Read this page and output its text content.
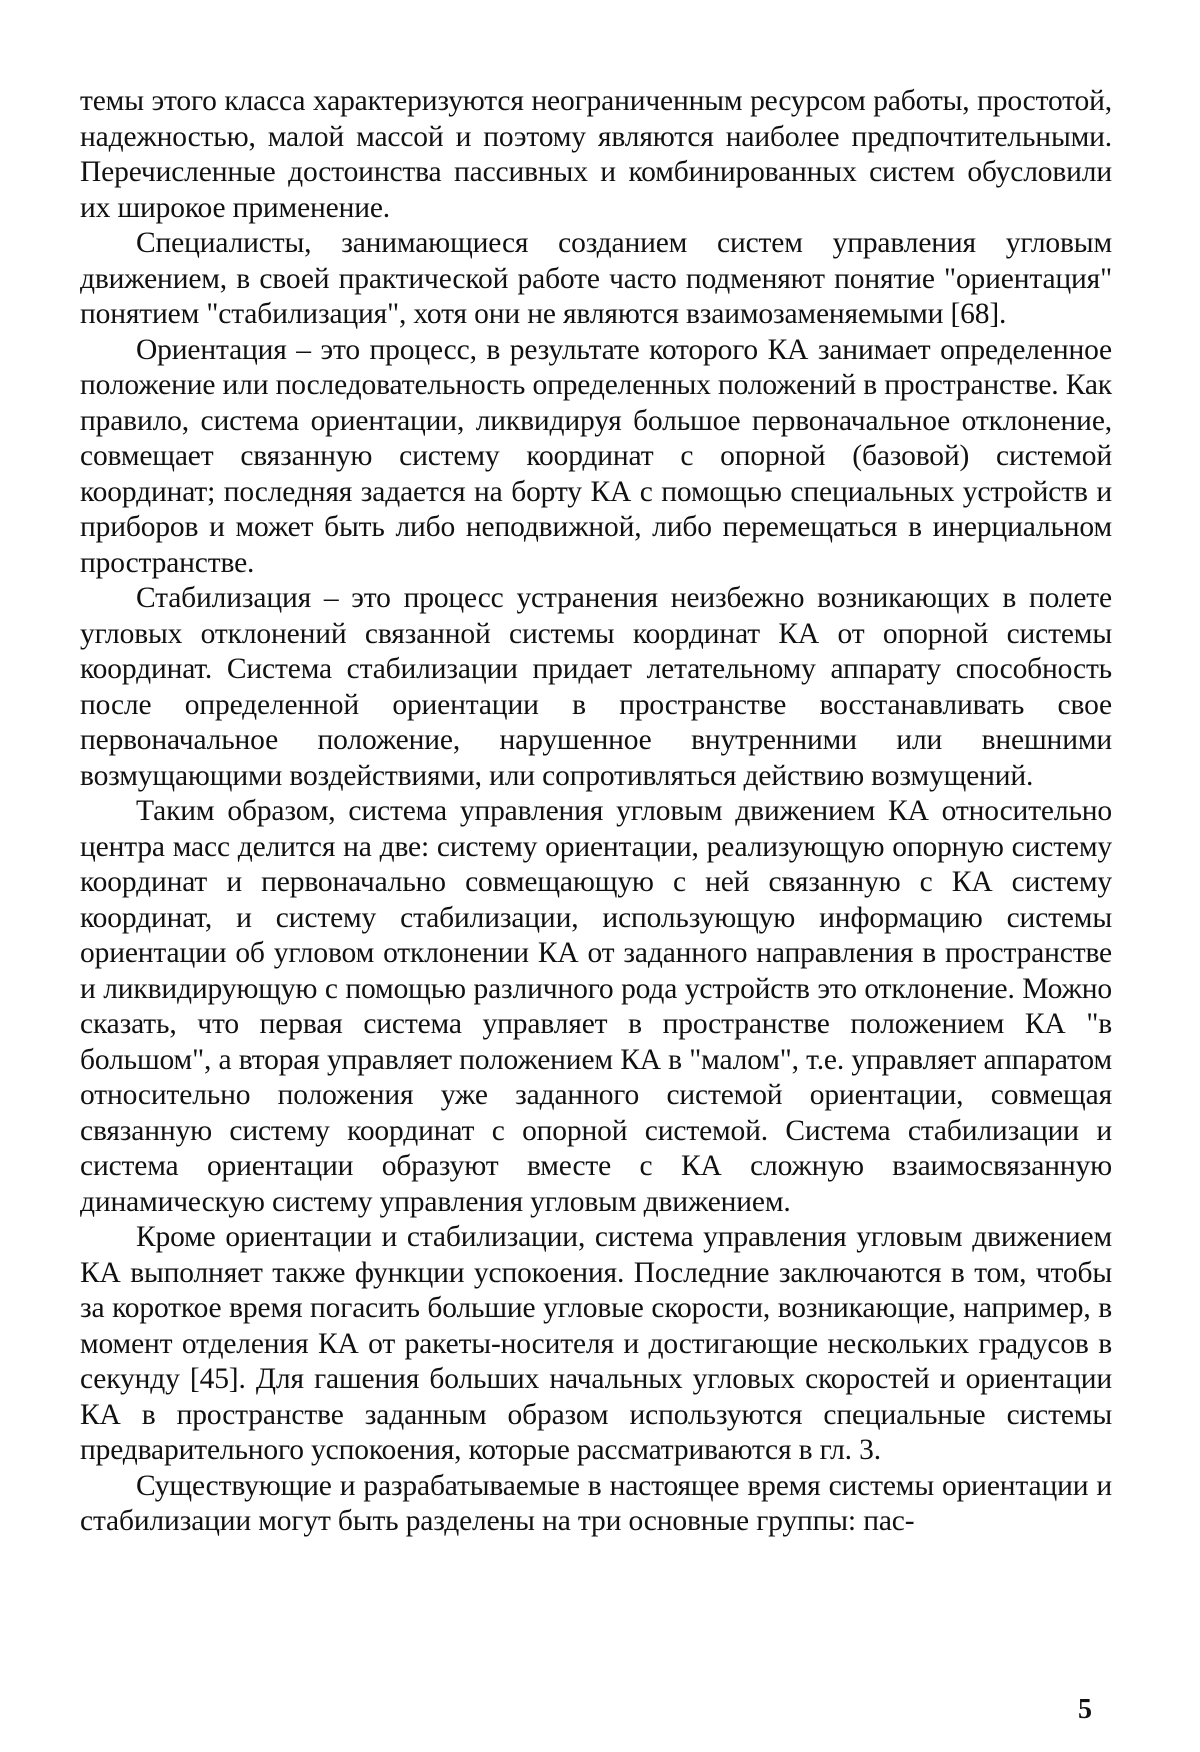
темы этого класса характеризуются неограниченным ресурсом работы, простотой, надежностью, малой массой и поэтому являются наиболее предпочтительными. Перечисленные достоинства пассивных и комбинированных систем обусловили их широкое применение.

Специалисты, занимающиеся созданием систем управления угловым движением, в своей практической работе часто подменяют понятие "ориентация" понятием "стабилизация", хотя они не являются взаимозаменяемыми [68].

Ориентация – это процесс, в результате которого КА занимает определенное положение или последовательность определенных положений в пространстве. Как правило, система ориентации, ликвидируя большое первоначальное отклонение, совмещает связанную систему координат с опорной (базовой) системой координат; последняя задается на борту КА с помощью специальных устройств и приборов и может быть либо неподвижной, либо перемещаться в инерциальном пространстве.

Стабилизация – это процесс устранения неизбежно возникающих в полете угловых отклонений связанной системы координат КА от опорной системы координат. Система стабилизации придает летательному аппарату способность после определенной ориентации в пространстве восстанавливать свое первоначальное положение, нарушенное внутренними или внешними возмущающими воздействиями, или сопротивляться действию возмущений.

Таким образом, система управления угловым движением КА относительно центра масс делится на две: систему ориентации, реализующую опорную систему координат и первоначально совмещающую с ней связанную с КА систему координат, и систему стабилизации, использующую информацию системы ориентации об угловом отклонении КА от заданного направления в пространстве и ликвидирующую с помощью различного рода устройств это отклонение. Можно сказать, что первая система управляет в пространстве положением КА "в большом", а вторая управляет положением КА в "малом", т.е. управляет аппаратом относительно положения уже заданного системой ориентации, совмещая связанную систему координат с опорной системой. Система стабилизации и система ориентации образуют вместе с КА сложную взаимосвязанную динамическую систему управления угловым движением.

Кроме ориентации и стабилизации, система управления угловым движением КА выполняет также функции успокоения. Последние заключаются в том, чтобы за короткое время погасить большие угловые скорости, возникающие, например, в момент отделения КА от ракеты-носителя и достигающие нескольких градусов в секунду [45]. Для гашения больших начальных угловых скоростей и ориентации КА в пространстве заданным образом используются специальные системы предварительного успокоения, которые рассматриваются в гл. 3.

Существующие и разрабатываемые в настоящее время системы ориентации и стабилизации могут быть разделены на три основные группы: пас-

5
